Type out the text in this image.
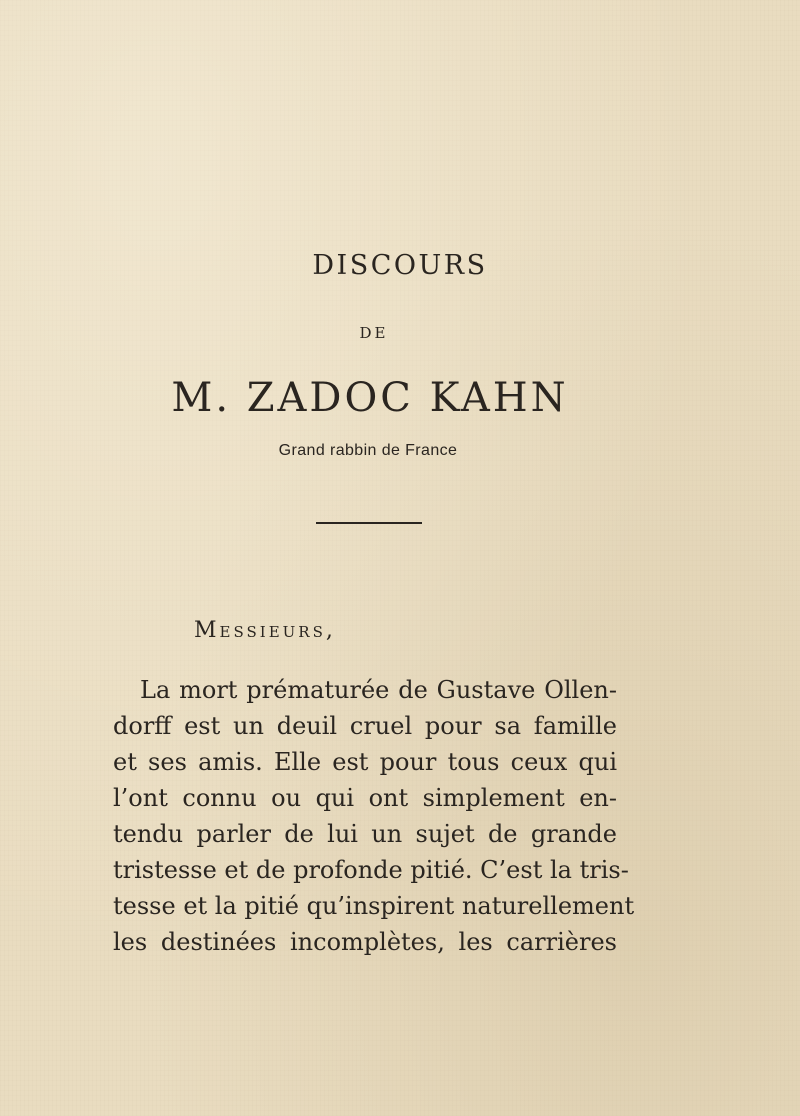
DISCOURS
DE
M. ZADOC KAHN
Grand rabbin de France
Messieurs,
La mort prématurée de Gustave Ollen-
dorff est un deuil cruel pour sa famille
et ses amis. Elle est pour tous ceux qui
l’ont connu ou qui ont simplement en-
tendu parler de lui un sujet de grande
tristesse et de profonde pitié. C’est la tris-
tesse et la pitié qu’inspirent naturellement
les destinées incomplètes, les carrières
